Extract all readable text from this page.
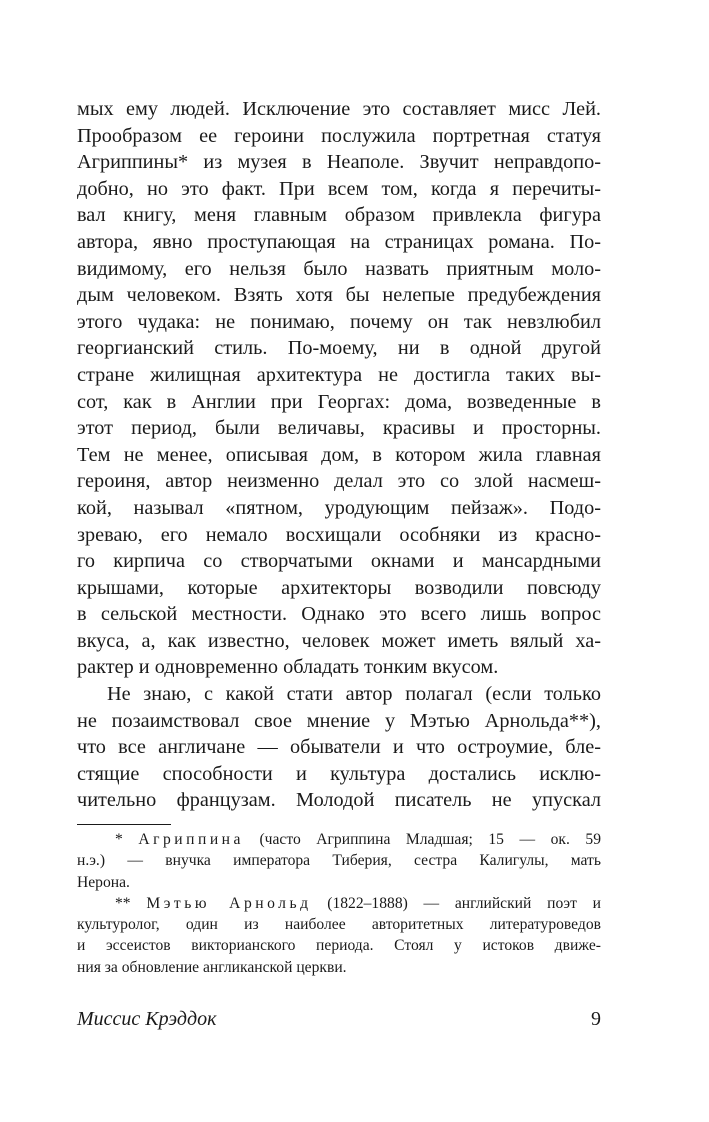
мых ему людей. Исключение это составляет мисс Лей.
Прообразом ее героини послужила портретная статуя
Агриппины* из музея в Неаполе. Звучит неправдопо-
добно, но это факт. При всем том, когда я перечиты-
вал книгу, меня главным образом привлекла фигура
автора, явно проступающая на страницах романа. По-
видимому, его нельзя было назвать приятным моло-
дым человеком. Взять хотя бы нелепые предубеждения
этого чудака: не понимаю, почему он так невзлюбил
георгианский стиль. По-моему, ни в одной другой
стране жилищная архитектура не достигла таких вы-
сот, как в Англии при Георгах: дома, возведенные в
этот период, были величавы, красивы и просторны.
Тем не менее, описывая дом, в котором жила главная
героиня, автор неизменно делал это со злой насмеш-
кой, называл «пятном, уродующим пейзаж». Подо-
зреваю, его немало восхищали особняки из красно-
го кирпича со створчатыми окнами и мансардными
крышами, которые архитекторы возводили повсюду
в сельской местности. Однако это всего лишь вопрос
вкуса, а, как известно, человек может иметь вялый ха-
рактер и одновременно обладать тонким вкусом.
Не знаю, с какой стати автор полагал (если только
не позаимствовал свое мнение у Мэтью Арнольда**),
что все англичане — обыватели и что остроумие, бле-
стящие способности и культура достались исклю-
чительно французам. Молодой писатель не упускал
* Агриппина (часто Агриппина Младшая; 15 — ок. 59
н.э.) — внучка императора Тиберия, сестра Калигулы, мать
Нерона.
** Мэтью Арнольд (1822–1888) — английский поэт и
культуролог, один из наиболее авторитетных литературоведов
и эссеистов викторианского периода. Стоял у истоков движе-
ния за обновление англиканской церкви.
Миссис Крэддок	9
